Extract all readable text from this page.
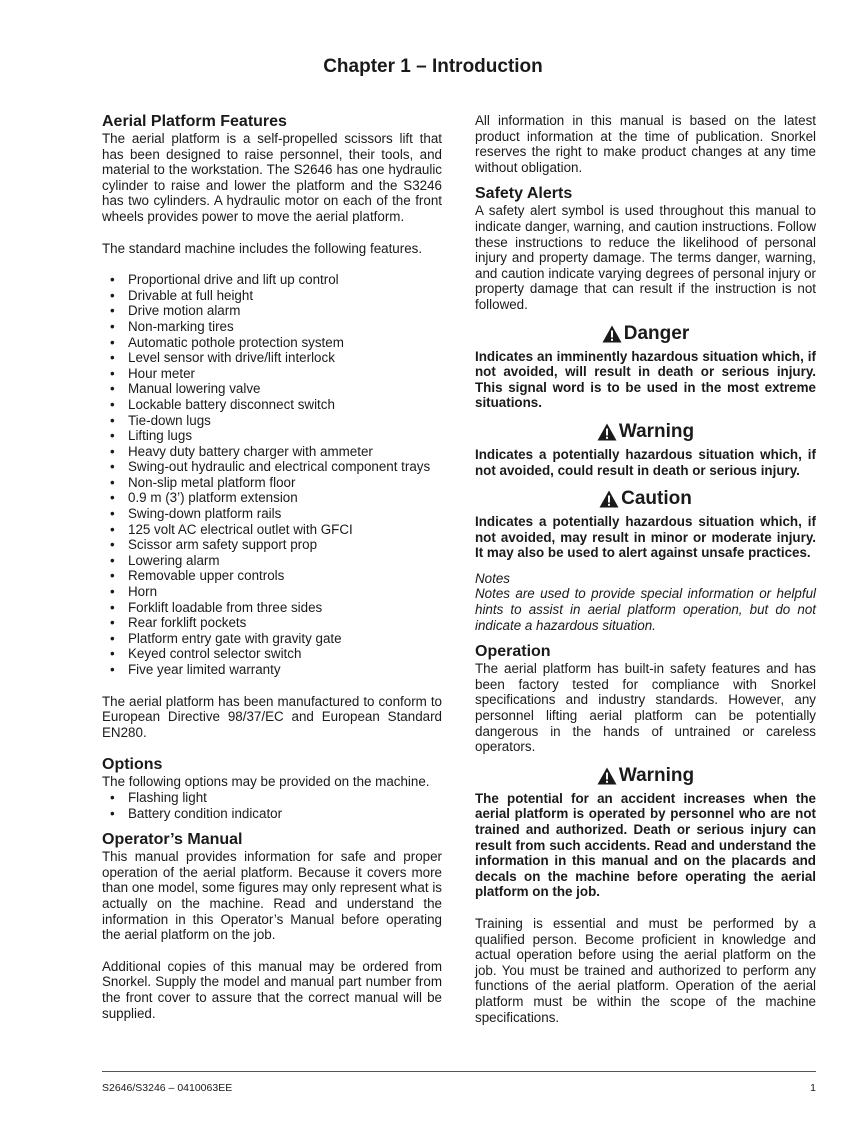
Chapter 1 – Introduction
Aerial Platform Features

The aerial platform is a self-propelled scissors lift that has been designed to raise personnel, their tools, and material to the workstation. The S2646 has one hydraulic cylinder to raise and lower the platform and the S3246 has two cylinders. A hydraulic motor on each of the front wheels provides power to move the aerial platform.

The standard machine includes the following features.

• Proportional drive and lift up control
• Drivable at full height
• Drive motion alarm
• Non-marking tires
• Automatic pothole protection system
• Level sensor with drive/lift interlock
• Hour meter
• Manual lowering valve
• Lockable battery disconnect switch
• Tie-down lugs
• Lifting lugs
• Heavy duty battery charger with ammeter
• Swing-out hydraulic and electrical component trays
• Non-slip metal platform floor
• 0.9 m (3’) platform extension
• Swing-down platform rails
• 125 volt AC electrical outlet with GFCI
• Scissor arm safety support prop
• Lowering alarm
• Removable upper controls
• Horn
• Forklift loadable from three sides
• Rear forklift pockets
• Platform entry gate with gravity gate
• Keyed control selector switch
• Five year limited warranty

The aerial platform has been manufactured to conform to European Directive 98/37/EC and European Standard EN280.

Options

The following options may be provided on the machine.

• Flashing light
• Battery condition indicator
Operator’s Manual

This manual provides information for safe and proper operation of the aerial platform. Because it covers more than one model, some figures may only represent what is actually on the machine. Read and understand the information in this Operator’s Manual before operating the aerial platform on the job.

Additional copies of this manual may be ordered from Snorkel. Supply the model and manual part number from the front cover to assure that the correct manual will be supplied.

All information in this manual is based on the latest product information at the time of publication. Snorkel reserves the right to make product changes at any time without obligation.

Safety Alerts

A safety alert symbol is used throughout this manual to indicate danger, warning, and caution instructions. Follow these instructions to reduce the likelihood of personal injury and property damage. The terms danger, warning, and caution indicate varying degrees of personal injury or property damage that can result if the instruction is not followed.

Danger

Indicates an imminently hazardous situation which, if not avoided, will result in death or serious injury. This signal word is to be used in the most extreme situations.

Warning

Indicates a potentially hazardous situation which, if not avoided, could result in death or serious injury.

Caution

Indicates a potentially hazardous situation which, if not avoided, may result in minor or moderate injury. It may also be used to alert against unsafe practices.

Notes

Notes are used to provide special information or helpful hints to assist in aerial platform operation, but do not indicate a hazardous situation.

Operation

The aerial platform has built-in safety features and has been factory tested for compliance with Snorkel specifications and industry standards. However, any personnel lifting aerial platform can be potentially dangerous in the hands of untrained or careless operators.

Warning

The potential for an accident increases when the aerial platform is operated by personnel who are not trained and authorized. Death or serious injury can result from such accidents. Read and understand the information in this manual and on the placards and decals on the machine before operating the aerial platform on the job.

Training is essential and must be performed by a qualified person. Become proficient in knowledge and actual operation before using the aerial platform on the job. You must be trained and authorized to perform any functions of the aerial platform. Operation of the aerial platform must be within the scope of the machine specifications.

S2646/S3246 – 0410063EE	1
